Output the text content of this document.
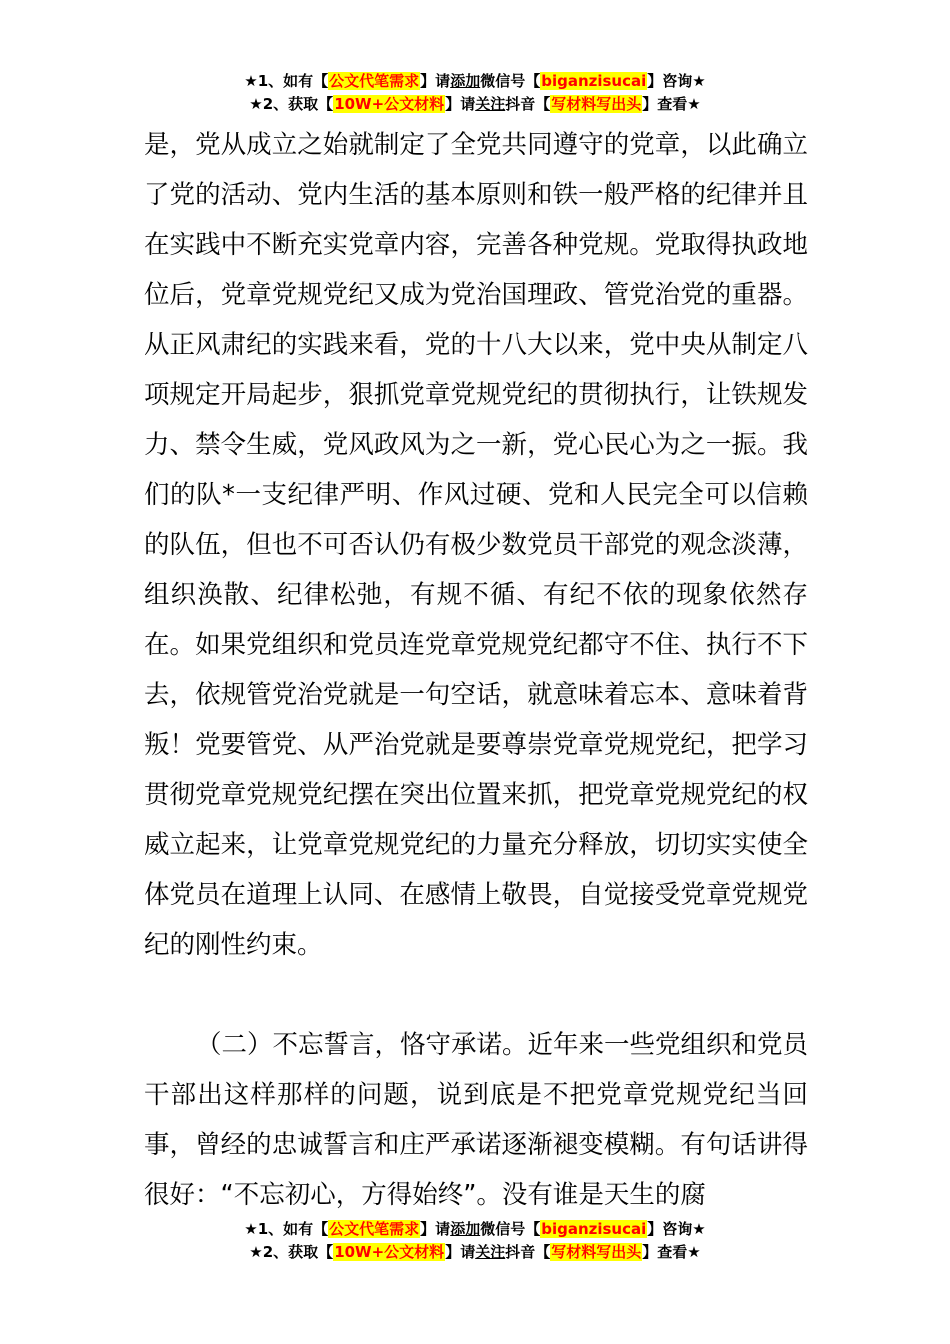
★1、如有【公文代笔需求】请添加微信号【biganzisucai】咨询★
★2、获取【10W+公文材料】请关注抖音【写材料写出头】查看★

是，党从成立之始就制定了全党共同遵守的党章，以此确立了党的活动、党内生活的基本原则和铁一般严格的纪律并且在实践中不断充实党章内容，完善各种党规。党取得执政地位后，党章党规党纪又成为党治国理政、管党治党的重器。从正风肃纪的实践来看，党的十八大以来，党中央从制定八项规定开局起步，狠抓党章党规党纪的贯彻执行，让铁规发力、禁令生威，党风政风为之一新，党心民心为之一振。我们的队*一支纪律严明、作风过硬、党和人民完全可以信赖的队伍，但也不可否认仍有极少数党员干部党的观念淡薄，组织涣散、纪律松弛，有规不循、有纪不依的现象依然存在。如果党组织和党员连党章党规党纪都守不住、执行不下去，依规管党治党就是一句空话，就意味着忘本、意味着背叛！党要管党、从严治党就是要尊崇党章党规党纪，把学习贯彻党章党规党纪摆在突出位置来抓，把党章党规党纪的权威立起来，让党章党规党纪的力量充分释放，切切实实使全体党员在道理上认同、在感情上敬畏，自觉接受党章党规党纪的刚性约束。

（二）不忘誓言，恪守承诺。近年来一些党组织和党员干部出这样那样的问题，说到底是不把党章党规党纪当回事，曾经的忠诚誓言和庄严承诺逐渐褪变模糊。有句话讲得很好：“不忘初心，方得始终”。没有谁是天生的腐

★1、如有【公文代笔需求】请添加微信号【biganzisucai】咨询★
★2、获取【10W+公文材料】请关注抖音【写材料写出头】查看★
